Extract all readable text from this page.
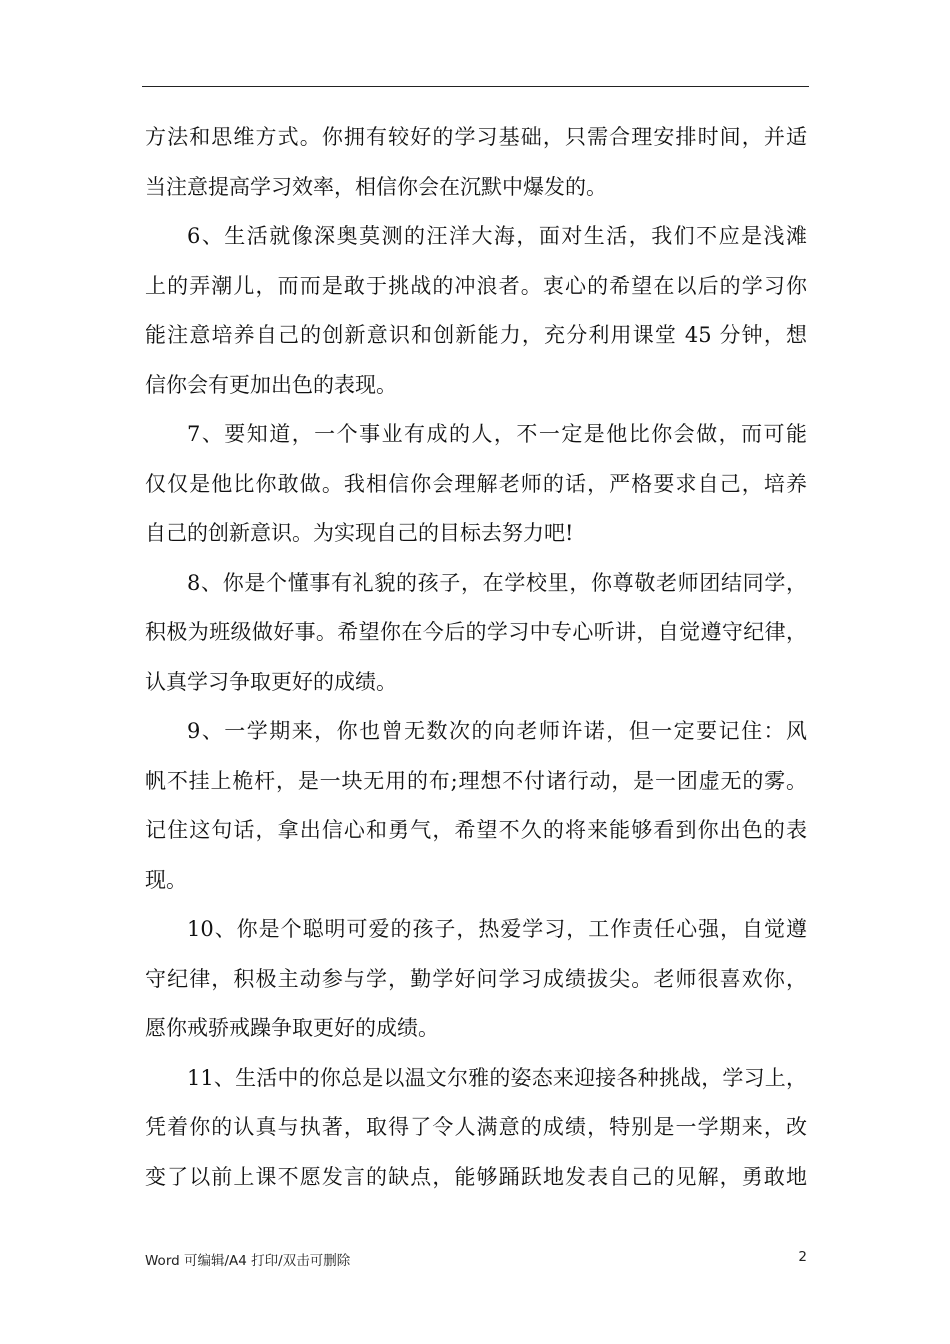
方法和思维方式。你拥有较好的学习基础，只需合理安排时间，并适
当注意提高学习效率，相信你会在沉默中爆发的。
6、生活就像深奥莫测的汪洋大海，面对生活，我们不应是浅滩
上的弄潮儿，而而是敢于挑战的冲浪者。衷心的希望在以后的学习你
能注意培养自己的创新意识和创新能力，充分利用课堂 45 分钟，想
信你会有更加出色的表现。
7、要知道，一个事业有成的人，不一定是他比你会做，而可能
仅仅是他比你敢做。我相信你会理解老师的话，严格要求自己，培养
自己的创新意识。为实现自己的目标去努力吧!
8、你是个懂事有礼貌的孩子，在学校里，你尊敬老师团结同学，
积极为班级做好事。希望你在今后的学习中专心听讲，自觉遵守纪律，
认真学习争取更好的成绩。
9、一学期来，你也曾无数次的向老师许诺，但一定要记住：风
帆不挂上桅杆，是一块无用的布;理想不付诸行动，是一团虚无的雾。
记住这句话，拿出信心和勇气，希望不久的将来能够看到你出色的表
现。
10、你是个聪明可爱的孩子，热爱学习，工作责任心强，自觉遵
守纪律，积极主动参与学，勤学好问学习成绩拔尖。老师很喜欢你，
愿你戒骄戒躁争取更好的成绩。
11、生活中的你总是以温文尔雅的姿态来迎接各种挑战，学习上，
凭着你的认真与执著，取得了令人满意的成绩，特别是一学期来，改
变了以前上课不愿发言的缺点，能够踊跃地发表自己的见解，勇敢地
Word 可编辑/A4 打印/双击可删除	2
